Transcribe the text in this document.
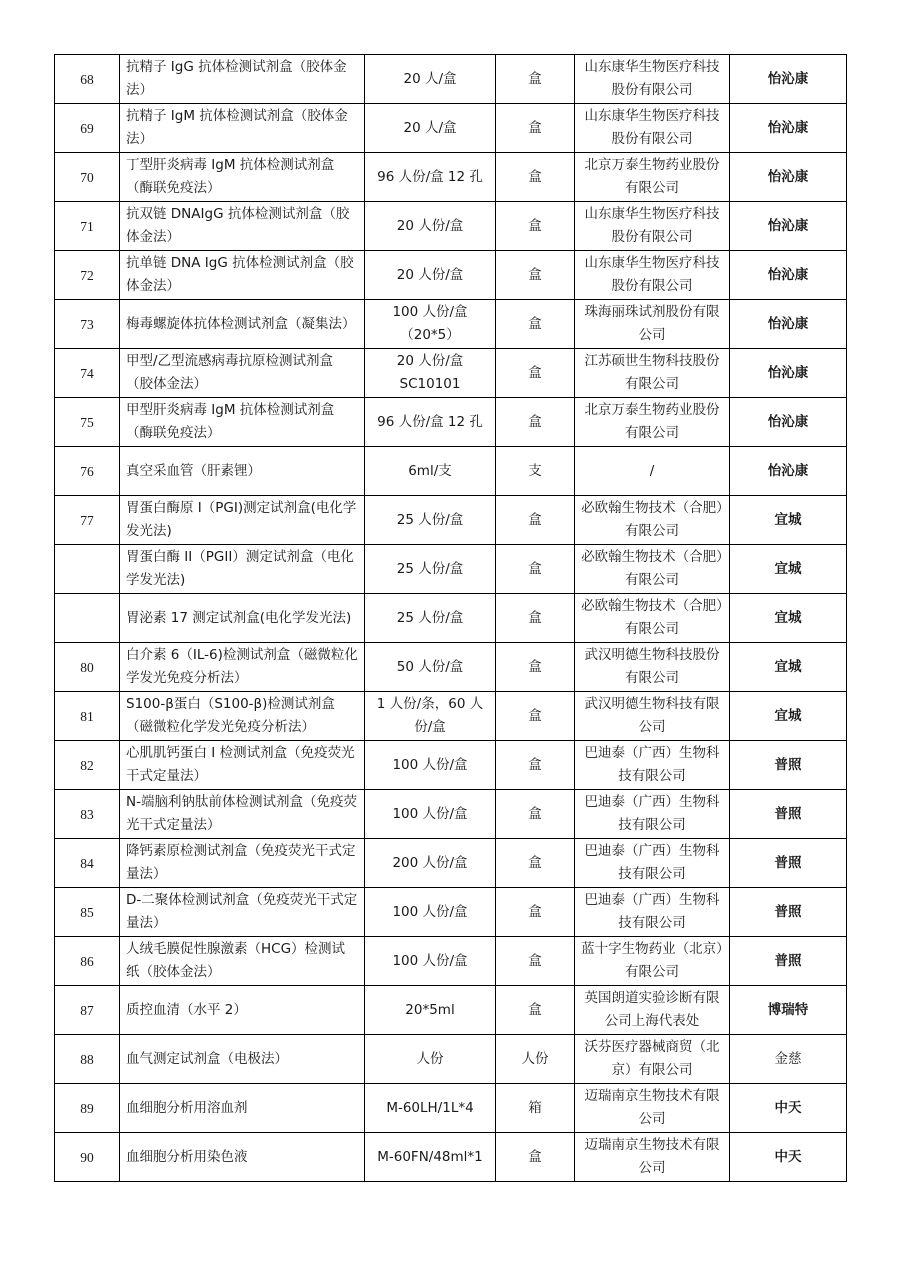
68	抗精子 IgG 抗体检测试剂盒（胶体金法）	20 人/盒	盒	山东康华生物医疗科技股份有限公司	怡沁康
69	抗精子 IgM 抗体检测试剂盒（胶体金法）	20 人/盒	盒	山东康华生物医疗科技股份有限公司	怡沁康
70	丁型肝炎病毒 IgM 抗体检测试剂盒（酶联免疫法）	96 人份/盒 12 孔	盒	北京万泰生物药业股份有限公司	怡沁康
71	抗双链 DNAIgG 抗体检测试剂盒（胶体金法）	20 人份/盒	盒	山东康华生物医疗科技股份有限公司	怡沁康
72	抗单链 DNA IgG 抗体检测试剂盒（胶体金法）	20 人份/盒	盒	山东康华生物医疗科技股份有限公司	怡沁康
73	梅毒螺旋体抗体检测试剂盒（凝集法）	100 人份/盒（20*5）	盒	珠海丽珠试剂股份有限公司	怡沁康
74	甲型/乙型流感病毒抗原检测试剂盒（胶体金法）	20 人份/盒 SC10101	盒	江苏硕世生物科技股份有限公司	怡沁康
75	甲型肝炎病毒 IgM 抗体检测试剂盒（酶联免疫法）	96 人份/盒 12 孔	盒	北京万泰生物药业股份有限公司	怡沁康
76	真空采血管（肝素锂）	6ml/支	支	/	怡沁康
77	胃蛋白酶原 I（PGI)测定试剂盒(电化学发光法)	25 人份/盒	盒	必欧翰生物技术（合肥）有限公司	宜城
	胃蛋白酶 II（PGII）测定试剂盒（电化学发光法)	25 人份/盒	盒	必欧翰生物技术（合肥）有限公司	宜城
	胃泌素 17 测定试剂盒(电化学发光法)	25 人份/盒	盒	必欧翰生物技术（合肥）有限公司	宜城
80	白介素 6（IL-6)检测试剂盒（磁微粒化学发光免疫分析法）	50 人份/盒	盒	武汉明德生物科技股份有限公司	宜城
81	S100-β蛋白（S100-β)检测试剂盒（磁微粒化学发光免疫分析法）	1 人份/条，60 人份/盒	盒	武汉明德生物科技有限公司	宜城
82	心肌肌钙蛋白 I 检测试剂盒（免疫荧光干式定量法）	100 人份/盒	盒	巴迪泰（广西）生物科技有限公司	普照
83	N-端脑利钠肽前体检测试剂盒（免疫荧光干式定量法）	100 人份/盒	盒	巴迪泰（广西）生物科技有限公司	普照
84	降钙素原检测试剂盒（免疫荧光干式定量法）	200 人份/盒	盒	巴迪泰（广西）生物科技有限公司	普照
85	D-二聚体检测试剂盒（免疫荧光干式定量法）	100 人份/盒	盒	巴迪泰（广西）生物科技有限公司	普照
86	人绒毛膜促性腺激素（HCG）检测试纸（胶体金法）	100 人份/盒	盒	蓝十字生物药业（北京）有限公司	普照
87	质控血清（水平 2）	20*5ml	盒	英国朗道实验诊断有限公司上海代表处	博瑞特
88	血气测定试剂盒（电极法）	人份	人份	沃芬医疗器械商贸（北京）有限公司	金慈
89	血细胞分析用溶血剂	M-60LH/1L*4	箱	迈瑞南京生物技术有限公司	中天
90	血细胞分析用染色液	M-60FN/48ml*1	盒	迈瑞南京生物技术有限公司	中天
